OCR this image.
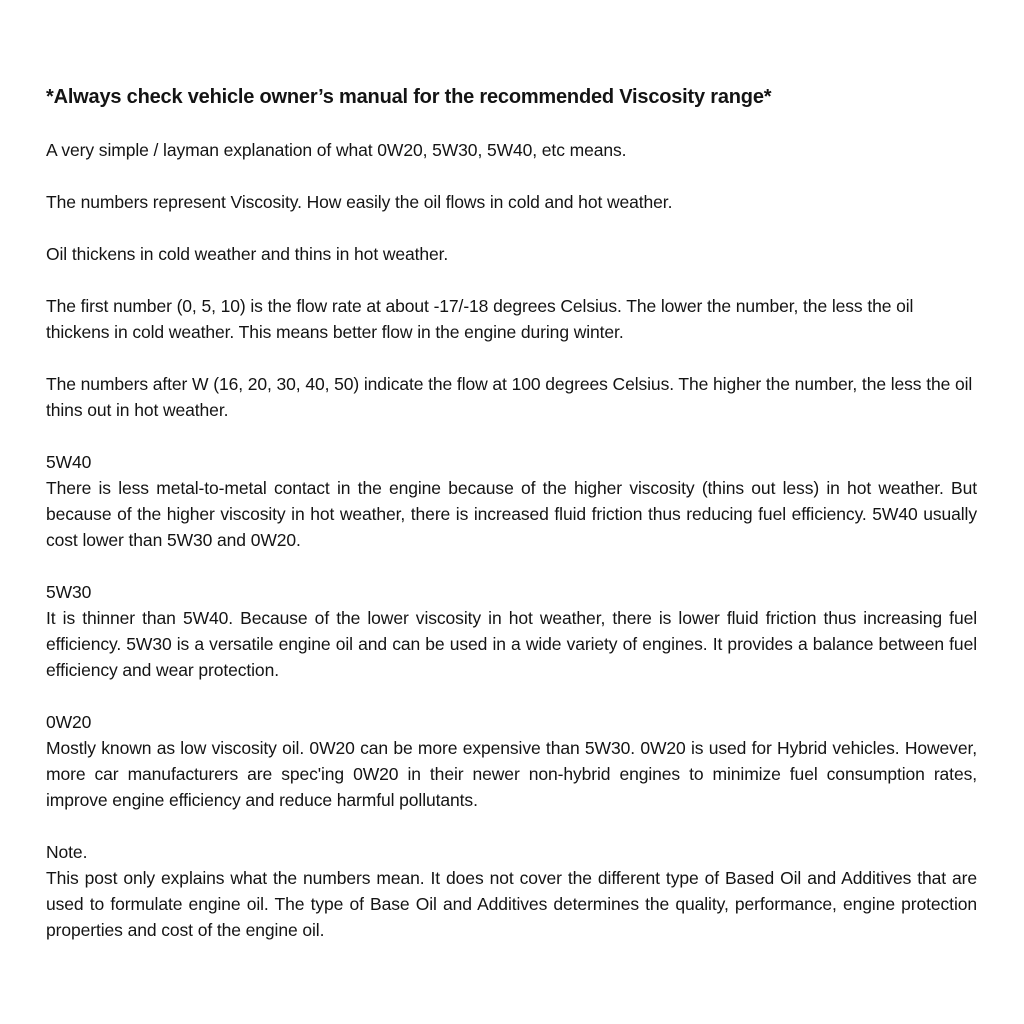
*Always check vehicle owner’s manual for the recommended Viscosity range*

A very simple / layman explanation of what 0W20, 5W30, 5W40, etc means.

The numbers represent Viscosity. How easily the oil flows in cold and hot weather.

Oil thickens in cold weather and thins in hot weather.

The first number (0, 5, 10) is the flow rate at about -17/-18 degrees Celsius. The lower the number, the less the oil thickens in cold weather. This means better flow in the engine during winter.

The numbers after W (16, 20, 30, 40, 50) indicate the flow at 100 degrees Celsius. The higher the number, the less the oil thins out in hot weather.

5W40

There is less metal-to-metal contact in the engine because of the higher viscosity (thins out less) in hot weather. But because of the higher viscosity in hot weather, there is increased fluid friction thus reducing fuel efficiency. 5W40 usually cost lower than 5W30 and 0W20.

5W30

It is thinner than 5W40. Because of the lower viscosity in hot weather, there is lower fluid friction thus increasing fuel efficiency. 5W30 is a versatile engine oil and can be used in a wide variety of engines. It provides a balance between fuel efficiency and wear protection.

0W20

Mostly known as low viscosity oil. 0W20 can be more expensive than 5W30. 0W20 is used for Hybrid vehicles. However, more car manufacturers are spec'ing 0W20 in their newer non-hybrid engines to minimize fuel consumption rates, improve engine efficiency and reduce harmful pollutants.

Note.

This post only explains what the numbers mean. It does not cover the different type of Based Oil and Additives that are used to formulate engine oil. The type of Base Oil and Additives determines the quality, performance, engine protection properties and cost of the engine oil.
